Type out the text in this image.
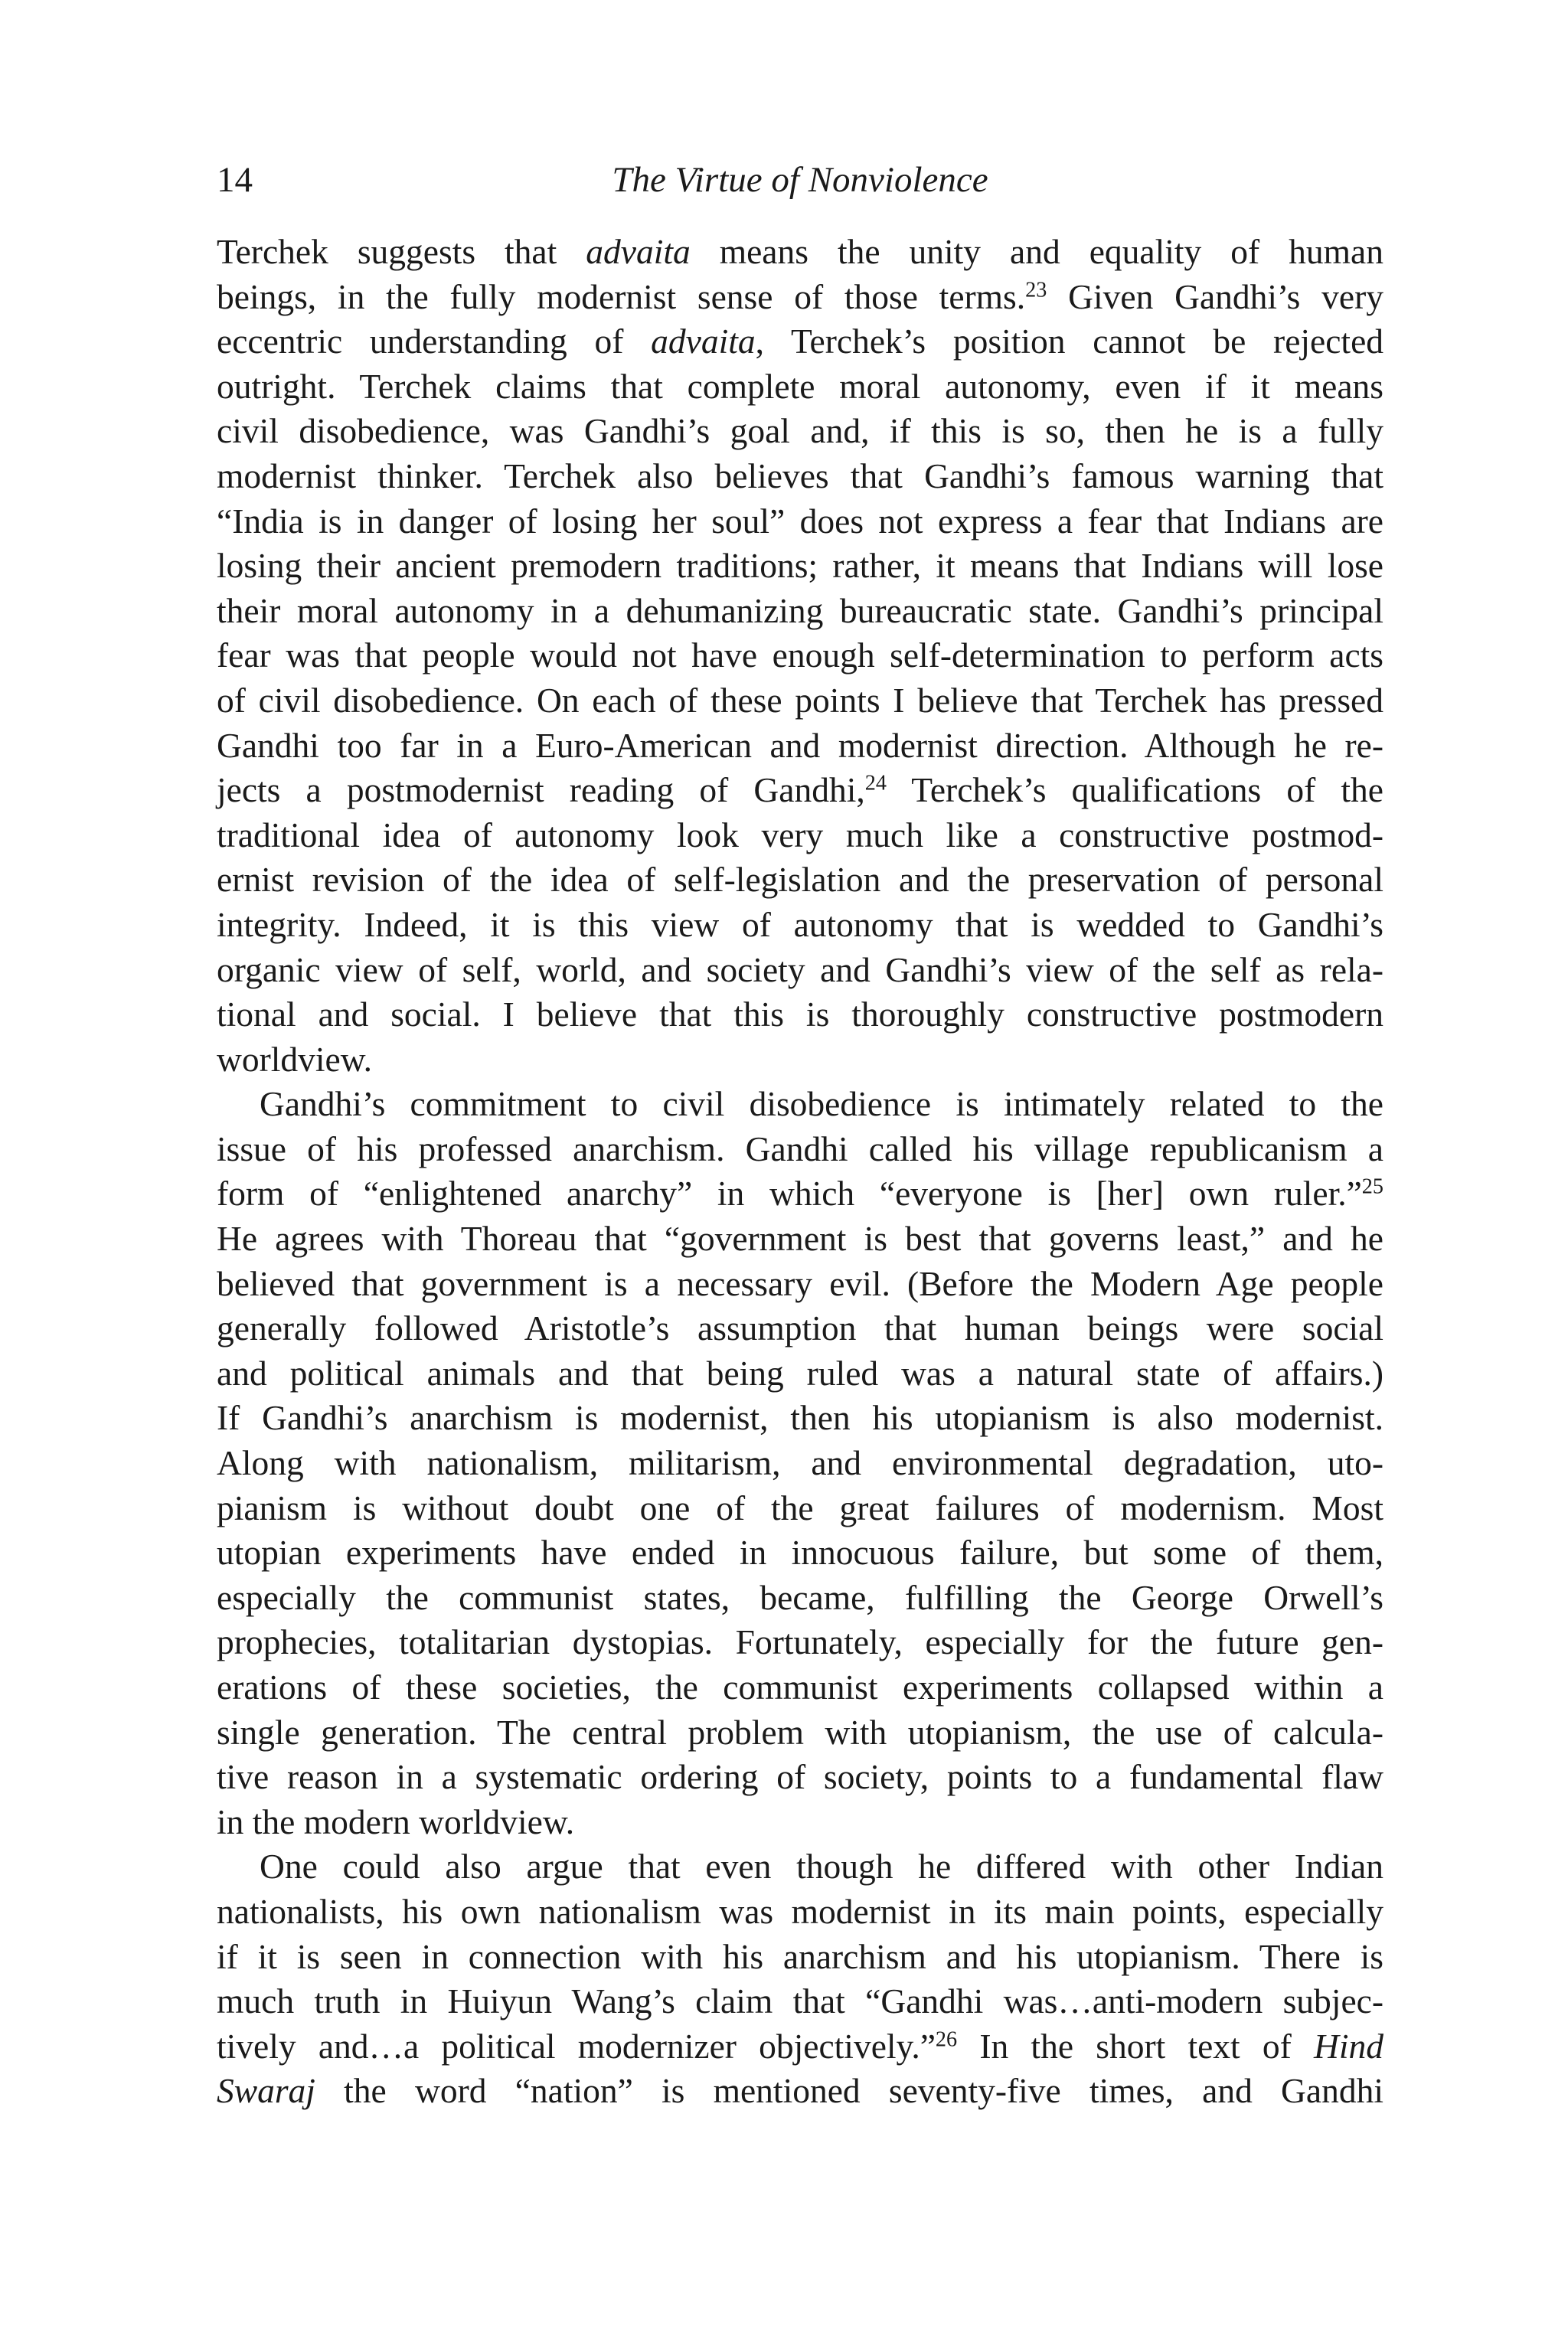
14	The Virtue of Nonviolence
Terchek suggests that advaita means the unity and equality of human
beings, in the fully modernist sense of those terms.$^{23}$ Given Gandhi’s very
eccentric understanding of advaita, Terchek’s position cannot be rejected
outright. Terchek claims that complete moral autonomy, even if it means
civil disobedience, was Gandhi’s goal and, if this is so, then he is a fully
modernist thinker. Terchek also believes that Gandhi’s famous warning that
“India is in danger of losing her soul” does not express a fear that Indians are
losing their ancient premodern traditions; rather, it means that Indians will lose
their moral autonomy in a dehumanizing bureaucratic state. Gandhi’s principal
fear was that people would not have enough self-determination to perform acts
of civil disobedience. On each of these points I believe that Terchek has pressed
Gandhi too far in a Euro-American and modernist direction. Although he re-
jects a postmodernist reading of Gandhi,$^{24}$ Terchek’s qualifications of the
traditional idea of autonomy look very much like a constructive postmod-
ernist revision of the idea of self-legislation and the preservation of personal
integrity. Indeed, it is this view of autonomy that is wedded to Gandhi’s
organic view of self, world, and society and Gandhi’s view of the self as rela-
tional and social. I believe that this is thoroughly constructive postmodern
worldview.
Gandhi’s commitment to civil disobedience is intimately related to the
issue of his professed anarchism. Gandhi called his village republicanism a
form of “enlightened anarchy” in which “everyone is [her] own ruler.”$^{25}$
He agrees with Thoreau that “government is best that governs least,” and he
believed that government is a necessary evil. (Before the Modern Age people
generally followed Aristotle’s assumption that human beings were social
and political animals and that being ruled was a natural state of affairs.)
If Gandhi’s anarchism is modernist, then his utopianism is also modernist.
Along with nationalism, militarism, and environmental degradation, uto-
pianism is without doubt one of the great failures of modernism. Most
utopian experiments have ended in innocuous failure, but some of them,
especially the communist states, became, fulfilling the George Orwell’s
prophecies, totalitarian dystopias. Fortunately, especially for the future gen-
erations of these societies, the communist experiments collapsed within a
single generation. The central problem with utopianism, the use of calcula-
tive reason in a systematic ordering of society, points to a fundamental flaw
in the modern worldview.
One could also argue that even though he differed with other Indian
nationalists, his own nationalism was modernist in its main points, especially
if it is seen in connection with his anarchism and his utopianism. There is
much truth in Huiyun Wang’s claim that “Gandhi was…anti-modern subjec-
tively and…a political modernizer objectively.”$^{26}$ In the short text of Hind
Swaraj the word “nation” is mentioned seventy-five times, and Gandhi
